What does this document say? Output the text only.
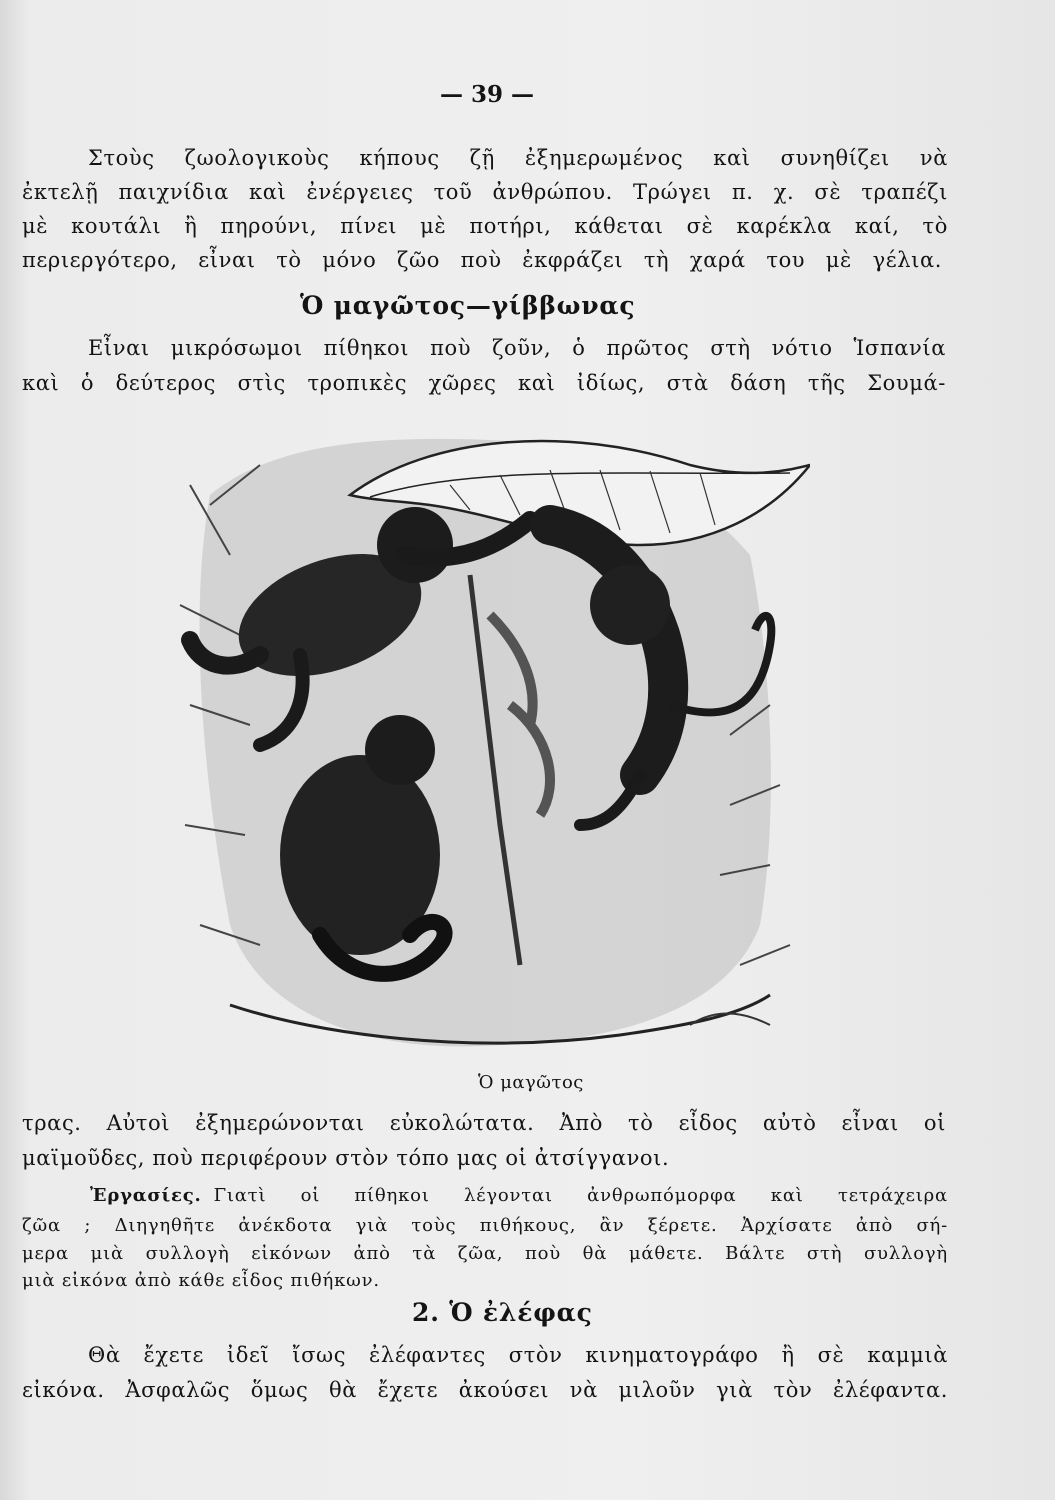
— 39 —
Στοὺς ζωολογικοὺς κήπους ζῇ ἐξημερωμένος καὶ συνηθίζει νὰ
ἐκτελῇ παιχνίδια καὶ ἐνέργειες τοῦ ἀνθρώπου. Τρώγει π. χ. σὲ τραπέζι
μὲ κουτάλι ἢ πηρούνι, πίνει μὲ ποτήρι, κάθεται σὲ καρέκλα καί, τὸ
περιεργότερο, εἶναι τὸ μόνο ζῶο ποὺ ἐκφράζει τὴ χαρά του μὲ γέλια.
Ὁ μαγῶτος—γίββωνας
Εἶναι μικρόσωμοι πίθηκοι ποὺ ζοῦν, ὁ πρῶτος στὴ νότιο Ἱσπανία
καὶ ὁ δεύτερος στὶς τροπικὲς χῶρες καὶ ἰδίως, στὰ δάση τῆς Σουμά-
Ὁ μαγῶτος
τρας. Αὐτοὶ ἐξημερώνονται εὐκολώτατα. Ἀπὸ τὸ εἶδος αὐτὸ εἶναι οἱ
μαϊμοῦδες, ποὺ περιφέρουν στὸν τόπο μας οἱ ἀτσίγγανοι.
Ἐργασίες. Γιατὶ οἱ πίθηκοι λέγονται ἀνθρωπόμορφα καὶ τετράχειρα
ζῶα ; Διηγηθῆτε ἀνέκδοτα γιὰ τοὺς πιθήκους, ἂν ξέρετε. Ἀρχίσατε ἀπὸ σή-
μερα μιὰ συλλογὴ εἰκόνων ἀπὸ τὰ ζῶα, ποὺ θὰ μάθετε. Βάλτε στὴ συλλογὴ
μιὰ εἰκόνα ἀπὸ κάθε εἶδος πιθήκων.
2. Ὁ ἐλέφας
Θὰ ἔχετε ἰδεῖ ἴσως ἐλέφαντες στὸν κινηματογράφο ἢ σὲ καμμιὰ
εἰκόνα. Ἀσφαλῶς ὅμως θὰ ἔχετε ἀκούσει νὰ μιλοῦν γιὰ τὸν ἐλέφαντα.
